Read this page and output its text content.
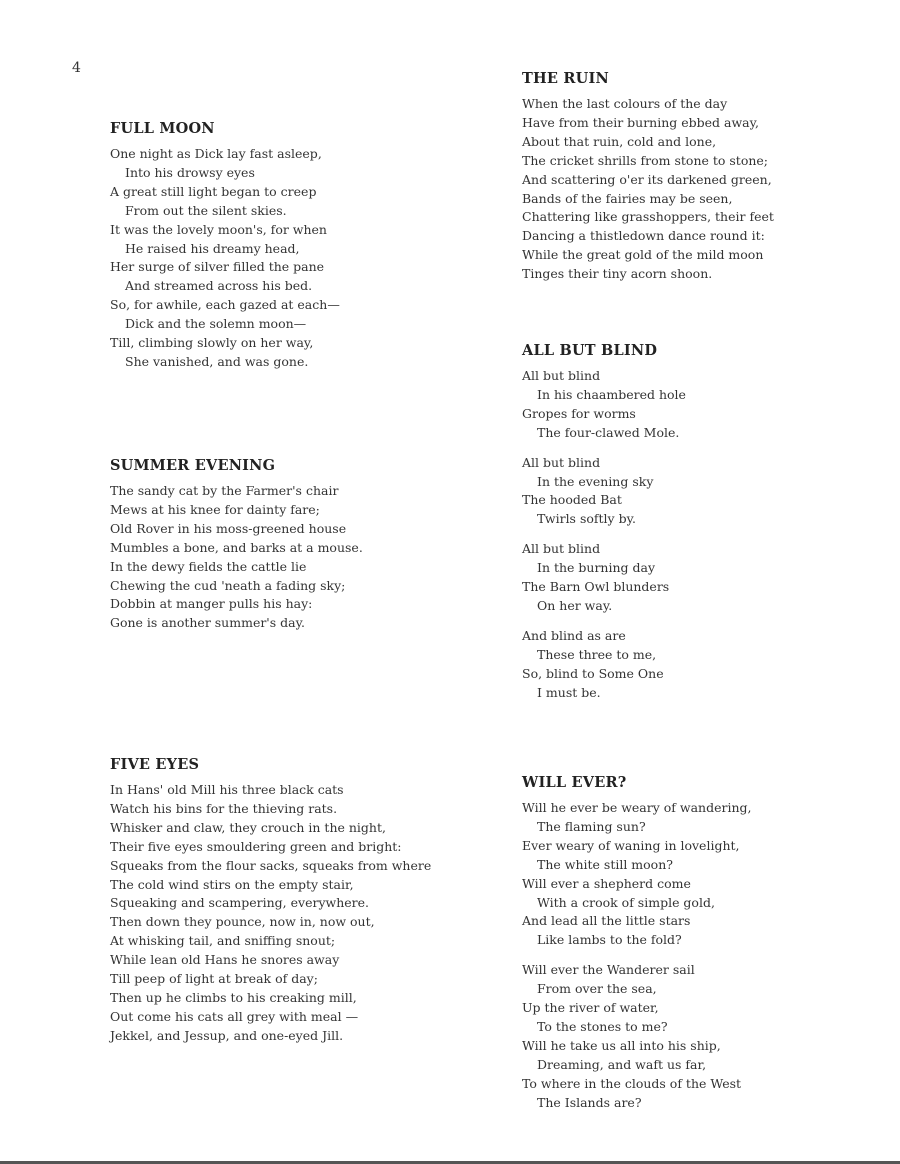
4
FULL MOON
One night as Dick lay fast asleep,
Into his drowsy eyes
A great still light began to creep
From out the silent skies.
It was the lovely moon's, for when
He raised his dreamy head,
Her surge of silver filled the pane
And streamed across his bed.
So, for awhile, each gazed at each—
Dick and the solemn moon—
Till, climbing slowly on her way,
She vanished, and was gone.
SUMMER EVENING
The sandy cat by the Farmer's chair
Mews at his knee for dainty fare;
Old Rover in his moss-greened house
Mumbles a bone, and barks at a mouse.
In the dewy fields the cattle lie
Chewing the cud 'neath a fading sky;
Dobbin at manger pulls his hay:
Gone is another summer's day.
FIVE EYES
In Hans' old Mill his three black cats
Watch his bins for the thieving rats.
Whisker and claw, they crouch in the night,
Their five eyes smouldering green and bright:
Squeaks from the flour sacks, squeaks from where
The cold wind stirs on the empty stair,
Squeaking and scampering, everywhere.
Then down they pounce, now in, now out,
At whisking tail, and sniffing snout;
While lean old Hans he snores away
Till peep of light at break of day;
Then up he climbs to his creaking mill,
Out come his cats all grey with meal —
Jekkel, and Jessup, and one-eyed Jill.
THE RUIN
When the last colours of the day
Have from their burning ebbed away,
About that ruin, cold and lone,
The cricket shrills from stone to stone;
And scattering o'er its darkened green,
Bands of the fairies may be seen,
Chattering like grasshoppers, their feet
Dancing a thistledown dance round it:
While the great gold of the mild moon
Tinges their tiny acorn shoon.
ALL BUT BLIND
All but blind
In his chaambered hole
Gropes for worms
The four-clawed Mole.
All but blind
In the evening sky
The hooded Bat
Twirls softly by.
All but blind
In the burning day
The Barn Owl blunders
On her way.
And blind as are
These three to me,
So, blind to Some One
I must be.
WILL EVER?
Will he ever be weary of wandering,
The flaming sun?
Ever weary of waning in lovelight,
The white still moon?
Will ever a shepherd come
With a crook of simple gold,
And lead all the little stars
Like lambs to the fold?
Will ever the Wanderer sail
From over the sea,
Up the river of water,
To the stones to me?
Will he take us all into his ship,
Dreaming, and waft us far,
To where in the clouds of the West
The Islands are?
